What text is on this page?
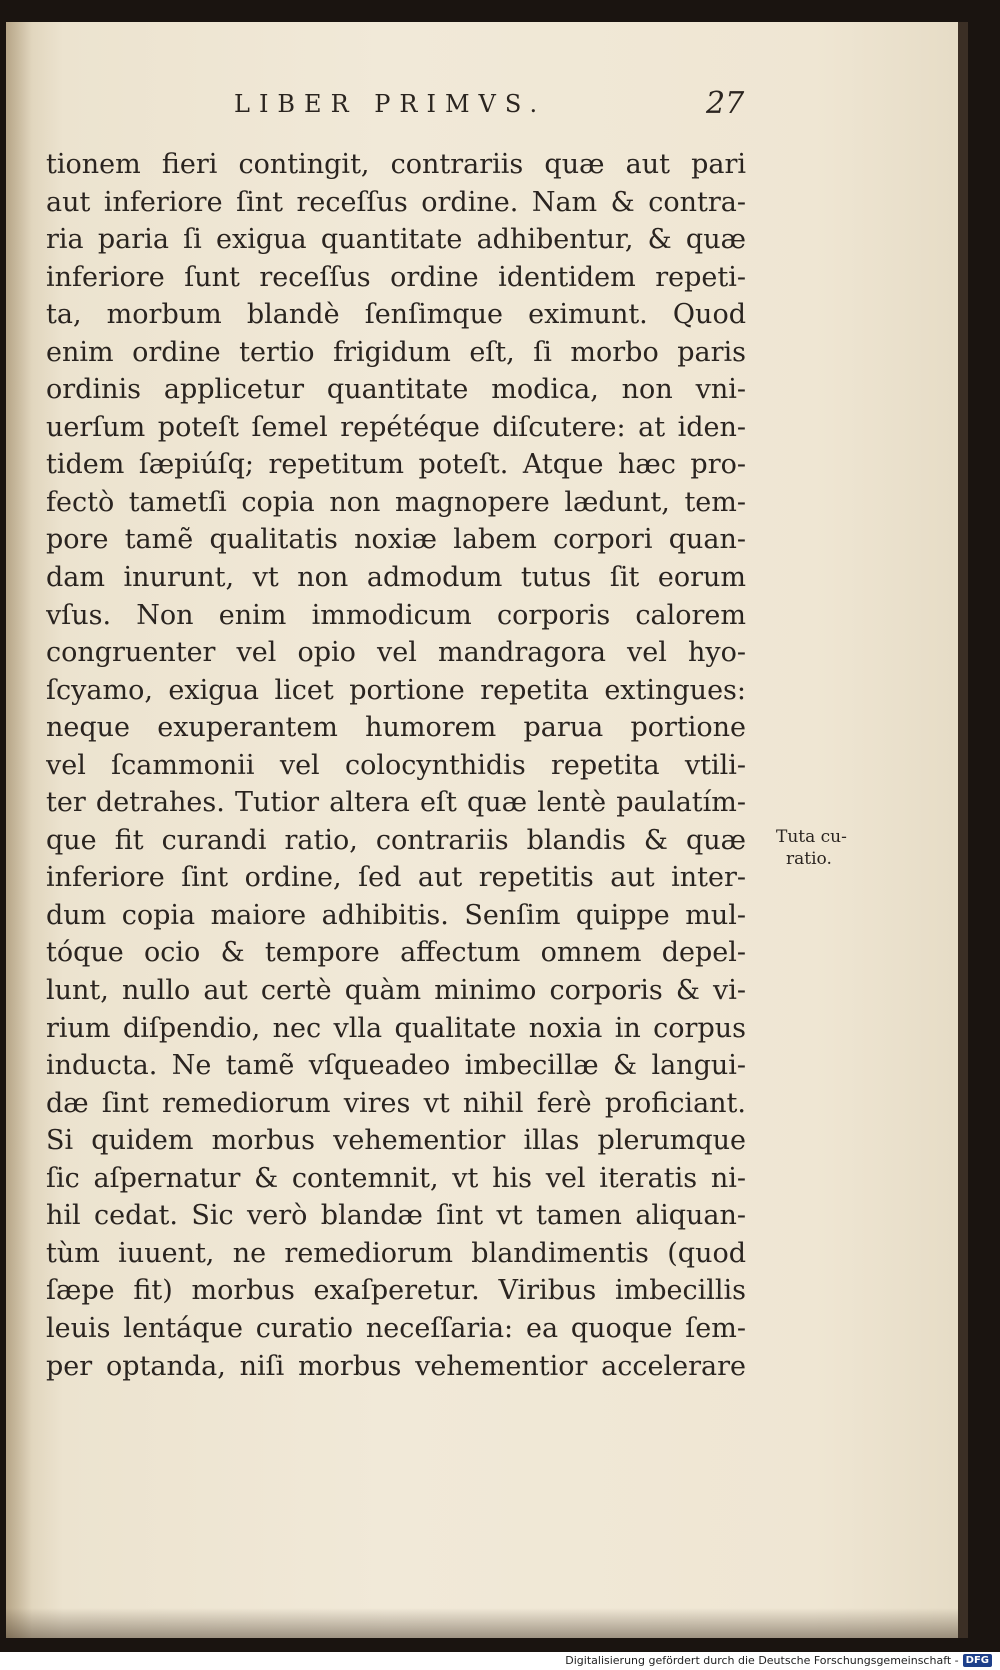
LIBER PRIMVS.	27
tionem fieri contingit, contrariis quæ aut pari
aut inferiore ſint receſſus ordine. Nam & contra-
ria paria ſi exigua quantitate adhibentur, & quæ
inferiore ſunt receſſus ordine identidem repeti-
ta, morbum blandè ſenſimque eximunt. Quod
enim ordine tertio frigidum eſt, ſi morbo paris
ordinis applicetur quantitate modica, non vni-
uerſum poteſt ſemel repétéque diſcutere: at iden-
tidem ſæpiúſq; repetitum poteſt. Atque hæc pro-
fectò tametſi copia non magnopere lædunt, tem-
pore tamẽ qualitatis noxiæ labem corpori quan-
dam inurunt, vt non admodum tutus ſit eorum
vſus. Non enim immodicum corporis calorem
congruenter vel opio vel mandragora vel hyo-
ſcyamo, exigua licet portione repetita extingues:
neque exuperantem humorem parua portione
vel ſcammonii vel colocynthidis repetita vtili-
ter detrahes. Tutior altera eſt quæ lentè paulatím-
que fit curandi ratio, contrariis blandis & quæ
inferiore ſint ordine, ſed aut repetitis aut inter-
dum copia maiore adhibitis. Senſim quippe mul-
tóque ocio & tempore affectum omnem depel-
lunt, nullo aut certè quàm minimo corporis & vi-
rium diſpendio, nec vlla qualitate noxia in corpus
inducta. Ne tamẽ vſqueadeo imbecillæ & langui-
dæ ſint remediorum vires vt nihil ferè proficiant.
Si quidem morbus vehementior illas plerumque
ſic aſpernatur & contemnit, vt his vel iteratis ni-
hil cedat. Sic verò blandæ ſint vt tamen aliquan-
tùm iuuent, ne remediorum blandimentis (quod
ſæpe fit) morbus exaſperetur. Viribus imbecillis
leuis lentáque curatio neceſſaria: ea quoque ſem-
per optanda, niſi morbus vehementior accelerare
Tuta cu-
ratio.
Digitalisierung gefördert durch die Deutsche Forschungsgemeinschaft - DFG
